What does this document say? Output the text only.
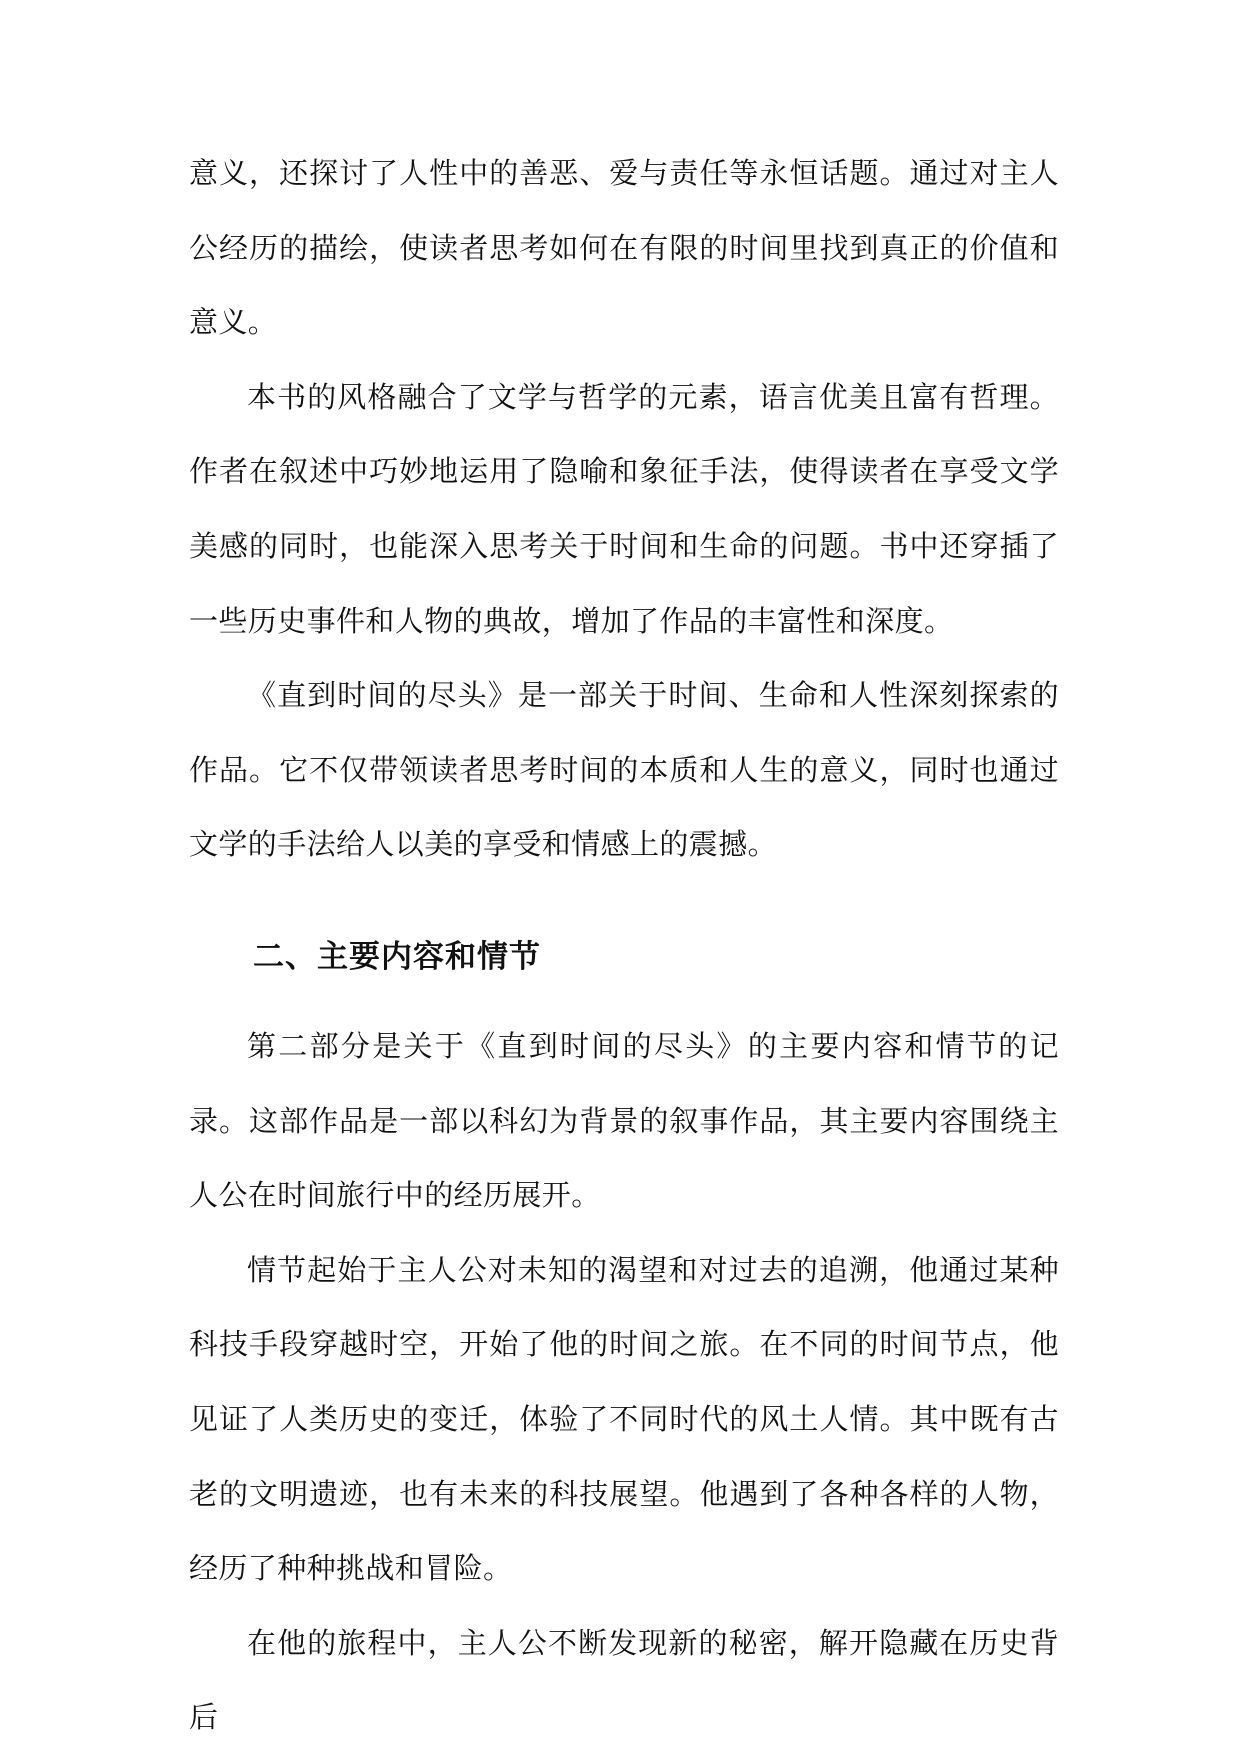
意义，还探讨了人性中的善恶、爱与责任等永恒话题。通过对主人公经历的描绘，使读者思考如何在有限的时间里找到真正的价值和意义。

本书的风格融合了文学与哲学的元素，语言优美且富有哲理。作者在叙述中巧妙地运用了隐喻和象征手法，使得读者在享受文学美感的同时，也能深入思考关于时间和生命的问题。书中还穿插了一些历史事件和人物的典故，增加了作品的丰富性和深度。

《直到时间的尽头》是一部关于时间、生命和人性深刻探索的作品。它不仅带领读者思考时间的本质和人生的意义，同时也通过文学的手法给人以美的享受和情感上的震撼。

二、主要内容和情节

第二部分是关于《直到时间的尽头》的主要内容和情节的记录。这部作品是一部以科幻为背景的叙事作品，其主要内容围绕主人公在时间旅行中的经历展开。

情节起始于主人公对未知的渴望和对过去的追溯，他通过某种科技手段穿越时空，开始了他的时间之旅。在不同的时间节点，他见证了人类历史的变迁，体验了不同时代的风土人情。其中既有古老的文明遗迹，也有未来的科技展望。他遇到了各种各样的人物，经历了种种挑战和冒险。

在他的旅程中，主人公不断发现新的秘密，解开隐藏在历史背后
